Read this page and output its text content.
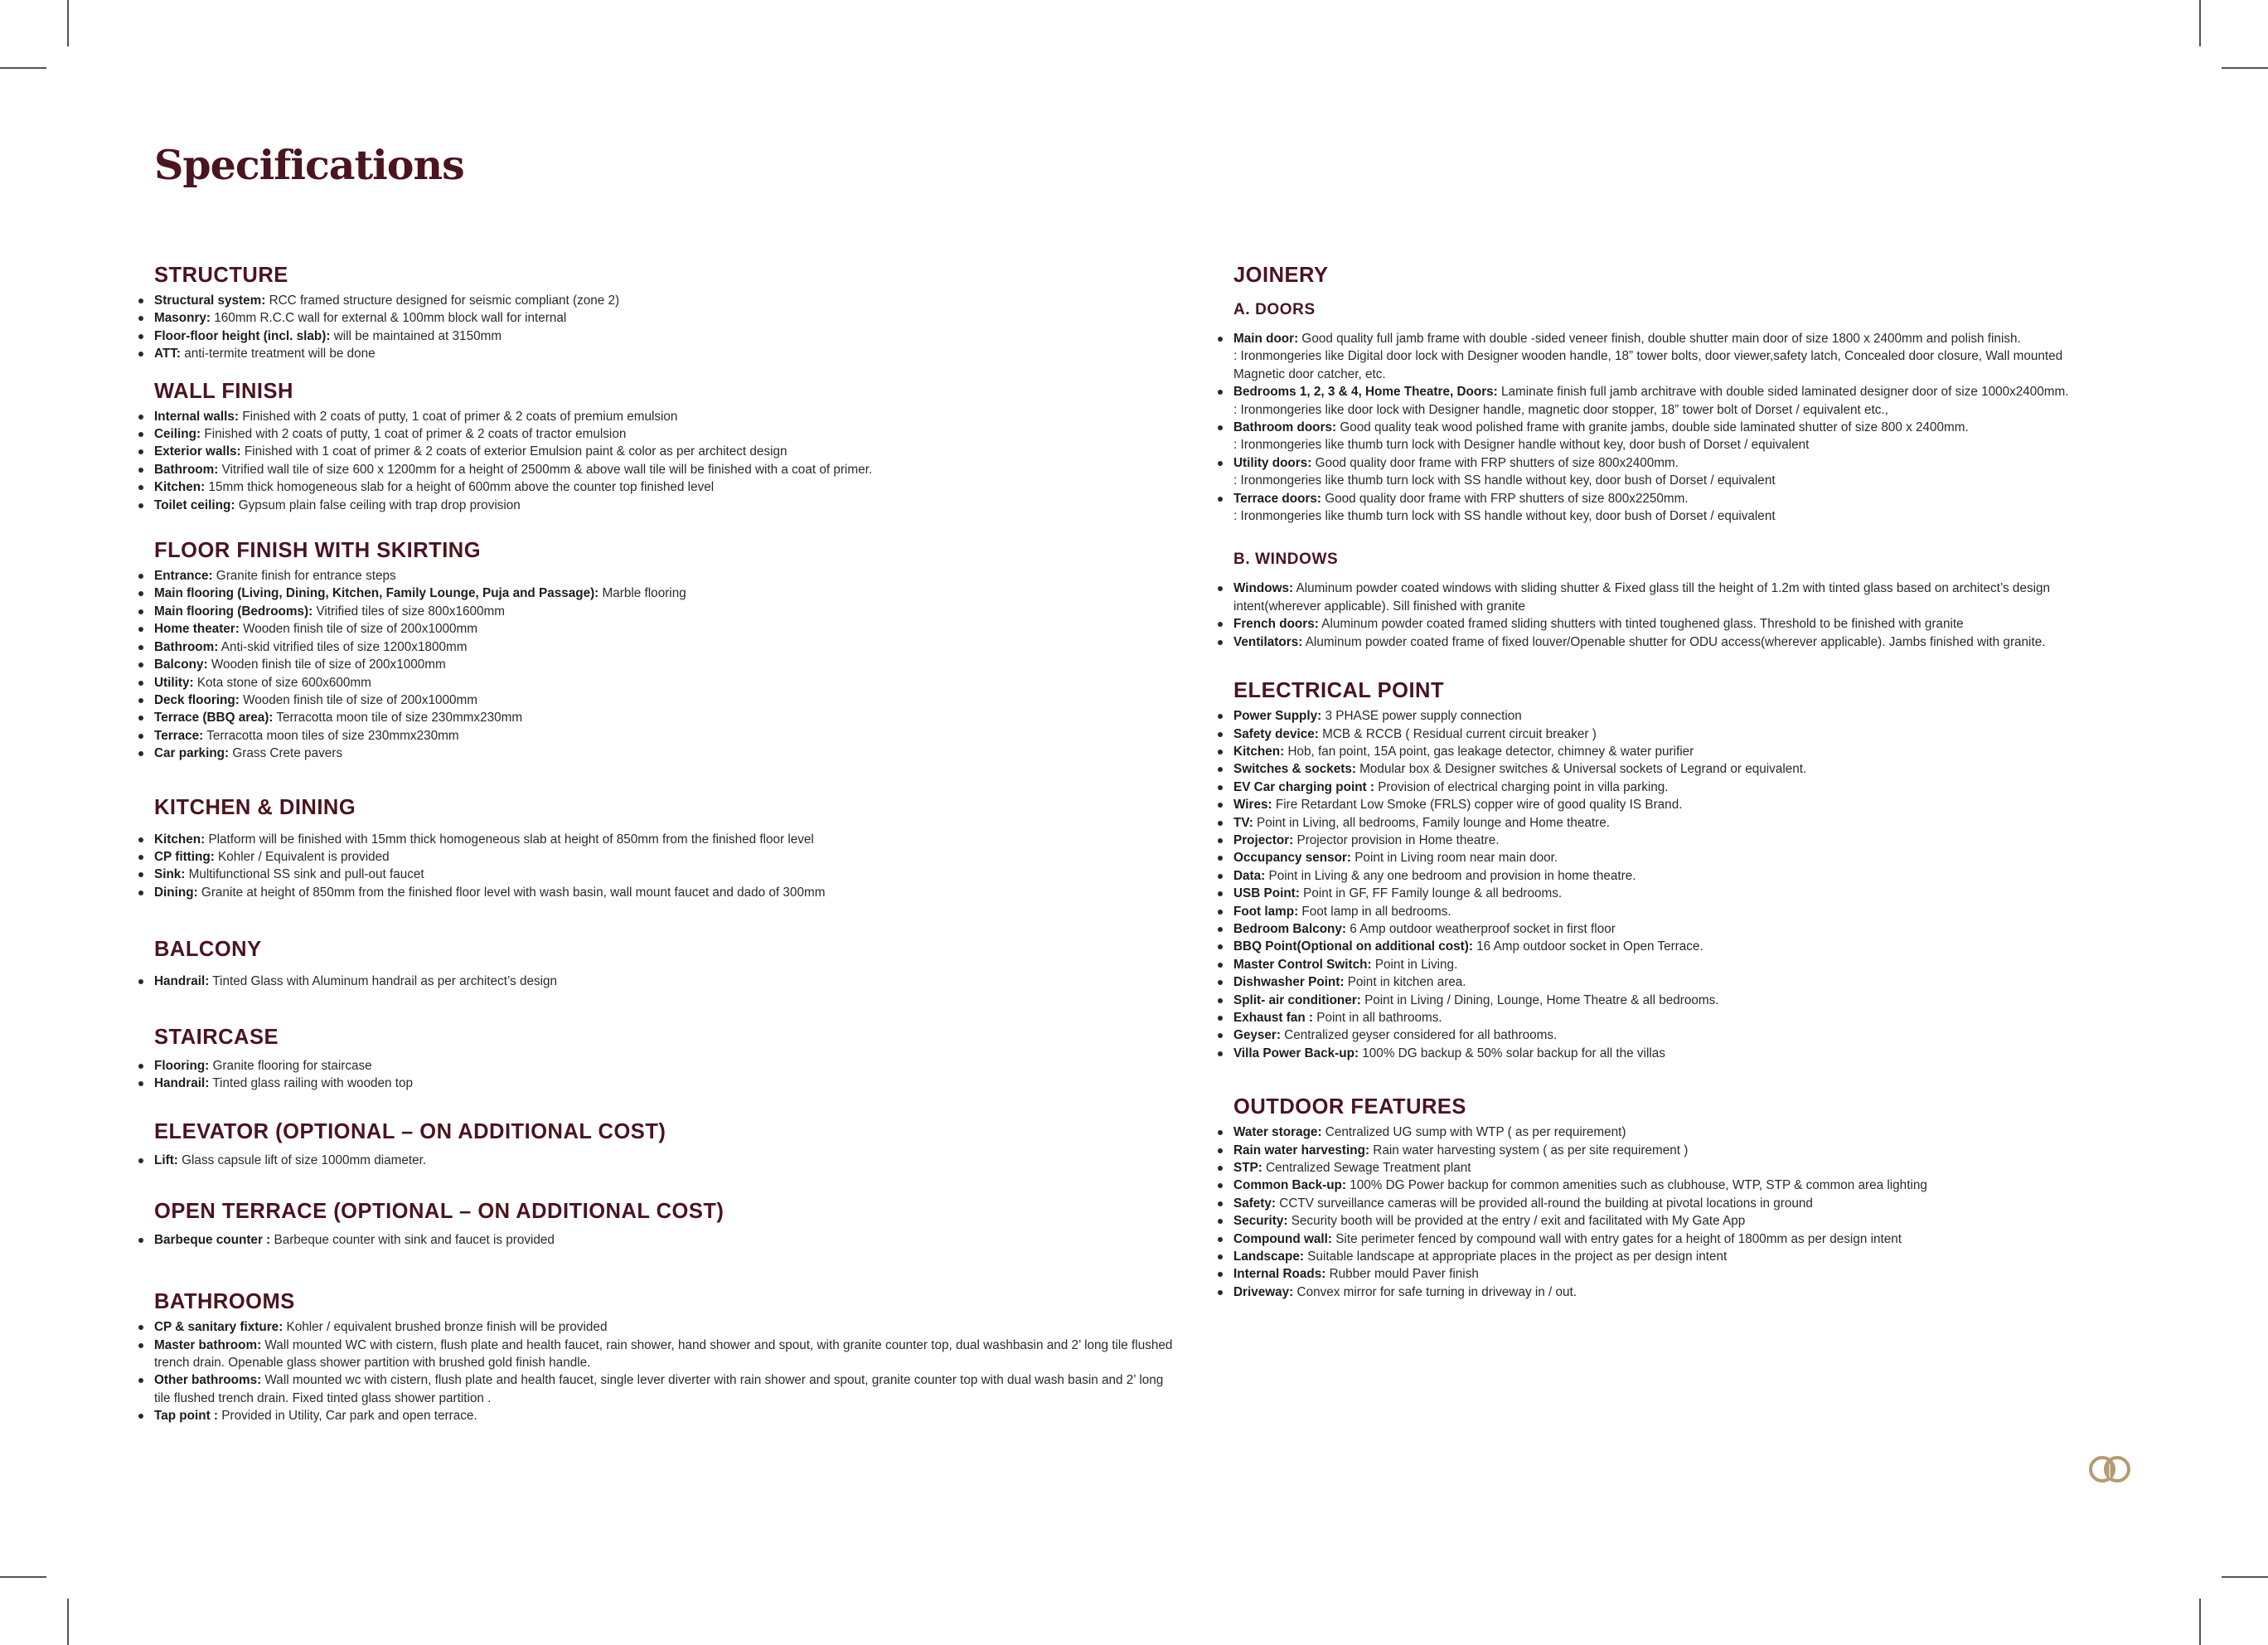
Specifications
STRUCTURE
Structural system: RCC framed structure designed for seismic compliant (zone 2)
Masonry: 160mm R.C.C wall for external & 100mm block wall for internal
Floor-floor height (incl. slab): will be maintained at 3150mm
ATT: anti-termite treatment will be done
WALL FINISH
Internal walls: Finished with 2 coats of putty, 1 coat of primer & 2 coats of premium emulsion
Ceiling: Finished with 2 coats of putty, 1 coat of primer & 2 coats of tractor emulsion
Exterior walls: Finished with 1 coat of primer & 2 coats of exterior Emulsion paint & color as per architect design
Bathroom: Vitrified wall tile of size 600 x 1200mm for a height of 2500mm & above wall tile will be finished with a coat of primer.
Kitchen: 15mm thick homogeneous slab for a height of 600mm above the counter top finished level
Toilet ceiling: Gypsum plain false ceiling with trap drop provision
FLOOR FINISH WITH SKIRTING
Entrance: Granite finish for entrance steps
Main flooring (Living, Dining, Kitchen, Family Lounge, Puja and Passage): Marble flooring
Main flooring (Bedrooms): Vitrified tiles of size 800x1600mm
Home theater: Wooden finish tile of size of 200x1000mm
Bathroom: Anti-skid vitrified tiles of size 1200x1800mm
Balcony: Wooden finish tile of size of 200x1000mm
Utility: Kota stone of size 600x600mm
Deck flooring: Wooden finish tile of size of 200x1000mm
Terrace (BBQ area): Terracotta moon tile of size 230mmx230mm
Terrace: Terracotta moon tiles of size 230mmx230mm
Car parking: Grass Crete pavers
KITCHEN & DINING
Kitchen: Platform will be finished with 15mm thick homogeneous slab at height of 850mm from the finished floor level
CP fitting: Kohler / Equivalent is provided
Sink: Multifunctional SS sink and pull-out faucet
Dining: Granite at height of 850mm from the finished floor level with wash basin, wall mount faucet and dado of 300mm
BALCONY
Handrail: Tinted Glass with Aluminum handrail as per architect’s design
STAIRCASE
Flooring: Granite flooring for staircase
Handrail: Tinted glass railing with wooden top
ELEVATOR (OPTIONAL – ON ADDITIONAL COST)
Lift: Glass capsule lift of size 1000mm diameter.
OPEN TERRACE (OPTIONAL – ON ADDITIONAL COST)
Barbeque counter : Barbeque counter with sink and faucet is provided
BATHROOMS
CP & sanitary fixture: Kohler / equivalent brushed bronze finish will be provided
Master bathroom: Wall mounted WC with cistern, flush plate and health faucet, rain shower, hand shower and spout, with granite counter top, dual washbasin and 2’ long tile flushed trench drain. Openable glass shower partition with brushed gold finish handle.
Other bathrooms: Wall mounted wc with cistern, flush plate and health faucet, single lever diverter with rain shower and spout, granite counter top with dual wash basin and 2’ long tile flushed trench drain. Fixed tinted glass shower partition .
Tap point : Provided in Utility, Car park and open terrace.
JOINERY
A. DOORS
Main door: Good quality full jamb frame with double -sided veneer finish, double shutter main door of size 1800 x 2400mm and polish finish.
: Ironmongeries like Digital door lock with Designer wooden handle, 18” tower bolts, door viewer,safety latch, Concealed door closure, Wall mounted Magnetic door catcher, etc.
Bedrooms 1, 2, 3 & 4, Home Theatre, Doors: Laminate finish full jamb architrave with double sided laminated designer door of size 1000x2400mm.
: Ironmongeries like door lock with Designer handle, magnetic door stopper, 18” tower bolt of Dorset / equivalent etc.,
Bathroom doors: Good quality teak wood polished frame with granite jambs, double side laminated shutter of size 800 x 2400mm.
: Ironmongeries like thumb turn lock with Designer handle without key, door bush of Dorset / equivalent
Utility doors: Good quality door frame with FRP shutters of size 800x2400mm.
: Ironmongeries like thumb turn lock with SS handle without key, door bush of Dorset / equivalent
Terrace doors: Good quality door frame with FRP shutters of size 800x2250mm.
: Ironmongeries like thumb turn lock with SS handle without key, door bush of Dorset / equivalent
B. WINDOWS
Windows: Aluminum powder coated windows with sliding shutter & Fixed glass till the height of 1.2m with tinted glass based on architect’s design intent(wherever applicable). Sill finished with granite
French doors: Aluminum powder coated framed sliding shutters with tinted toughened glass. Threshold to be finished with granite
Ventilators: Aluminum powder coated frame of fixed louver/Openable shutter for ODU access(wherever applicable). Jambs finished with granite.
ELECTRICAL POINT
Power Supply: 3 PHASE power supply connection
Safety device: MCB & RCCB ( Residual current circuit breaker )
Kitchen: Hob, fan point, 15A point, gas leakage detector, chimney & water purifier
Switches & sockets: Modular box & Designer switches & Universal sockets of Legrand or equivalent.
EV Car charging point : Provision of electrical charging point in villa parking.
Wires: Fire Retardant Low Smoke (FRLS) copper wire of good quality IS Brand.
TV: Point in Living, all bedrooms, Family lounge and Home theatre.
Projector: Projector provision in Home theatre.
Occupancy sensor: Point in Living room near main door.
Data: Point in Living & any one bedroom and provision in home theatre.
USB Point: Point in GF, FF Family lounge & all bedrooms.
Foot lamp: Foot lamp in all bedrooms.
Bedroom Balcony: 6 Amp outdoor weatherproof socket in first floor
BBQ Point(Optional on additional cost): 16 Amp outdoor socket in Open Terrace.
Master Control Switch: Point in Living.
Dishwasher Point: Point in kitchen area.
Split- air conditioner: Point in Living / Dining, Lounge, Home Theatre & all bedrooms.
Exhaust fan : Point in all bathrooms.
Geyser: Centralized geyser considered for all bathrooms.
Villa Power Back-up: 100% DG backup & 50% solar backup for all the villas
OUTDOOR FEATURES
Water storage: Centralized UG sump with WTP ( as per requirement)
Rain water harvesting: Rain water harvesting system ( as per site requirement )
STP: Centralized Sewage Treatment plant
Common Back-up: 100% DG Power backup for common amenities such as clubhouse, WTP, STP & common area lighting
Safety: CCTV surveillance cameras will be provided all-round the building at pivotal locations in ground
Security: Security booth will be provided at the entry / exit and facilitated with My Gate App
Compound wall: Site perimeter fenced by compound wall with entry gates for a height of 1800mm as per design intent
Landscape: Suitable landscape at appropriate places in the project as per design intent
Internal Roads: Rubber mould Paver finish
Driveway: Convex mirror for safe turning in driveway in / out.
